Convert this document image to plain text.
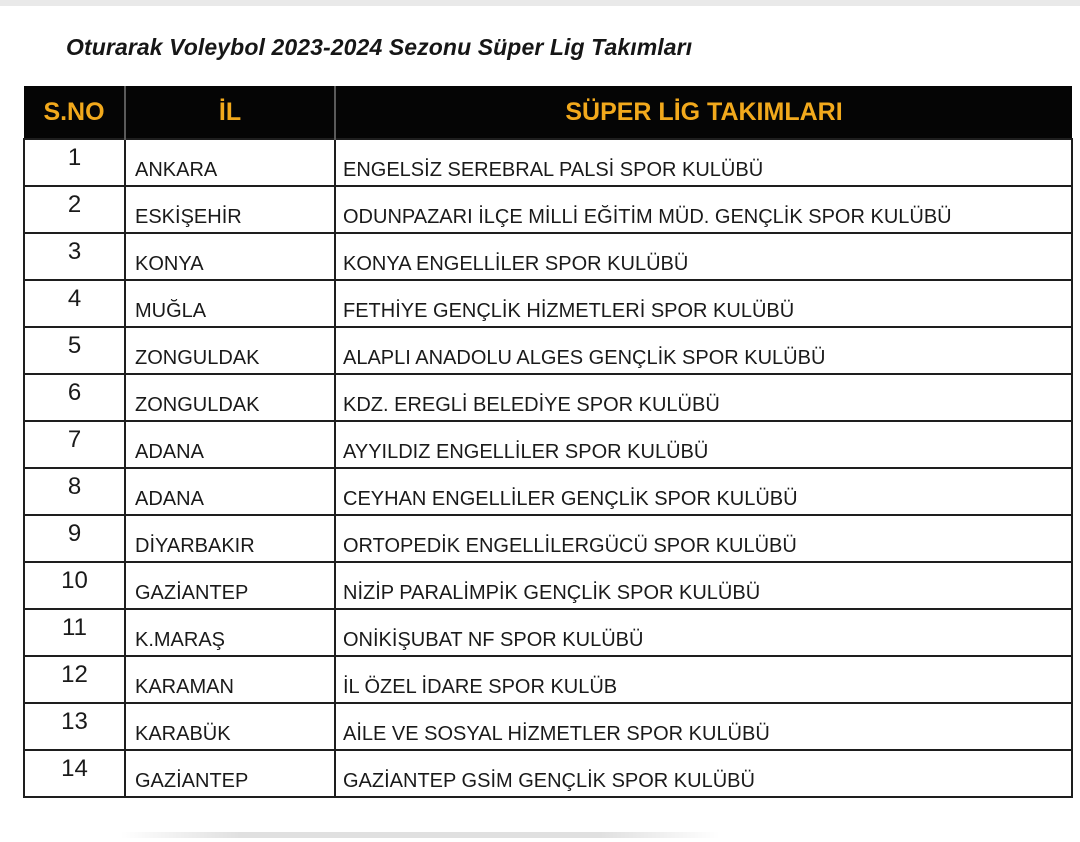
Oturarak Voleybol 2023-2024 Sezonu Süper Lig Takımları
S.NO	İL	SÜPER LİG TAKIMLARI
1	ANKARA	ENGELSİZ SEREBRAL PALSİ SPOR KULÜBÜ
2	ESKİŞEHİR	ODUNPAZARI İLÇE MİLLİ EĞİTİM MÜD. GENÇLİK SPOR KULÜBÜ
3	KONYA	KONYA ENGELLİLER SPOR KULÜBÜ
4	MUĞLA	FETHİYE GENÇLİK HİZMETLERİ SPOR KULÜBÜ
5	ZONGULDAK	ALAPLI ANADOLU ALGES GENÇLİK SPOR KULÜBÜ
6	ZONGULDAK	KDZ. EREGLİ BELEDİYE SPOR KULÜBÜ
7	ADANA	AYYILDIZ ENGELLİLER SPOR KULÜBÜ
8	ADANA	CEYHAN ENGELLİLER GENÇLİK SPOR KULÜBÜ
9	DİYARBAKIR	ORTOPEDİK ENGELLİLERGÜCÜ SPOR KULÜBÜ
10	GAZİANTEP	NİZİP PARALİMPİK GENÇLİK SPOR KULÜBÜ
11	K.MARAŞ	ONİKİŞUBAT NF SPOR KULÜBÜ
12	KARAMAN	İL ÖZEL İDARE SPOR KULÜB
13	KARABÜK	AİLE VE SOSYAL HİZMETLER SPOR KULÜBÜ
14	GAZİANTEP	GAZİANTEP GSİM GENÇLİK SPOR KULÜBÜ
